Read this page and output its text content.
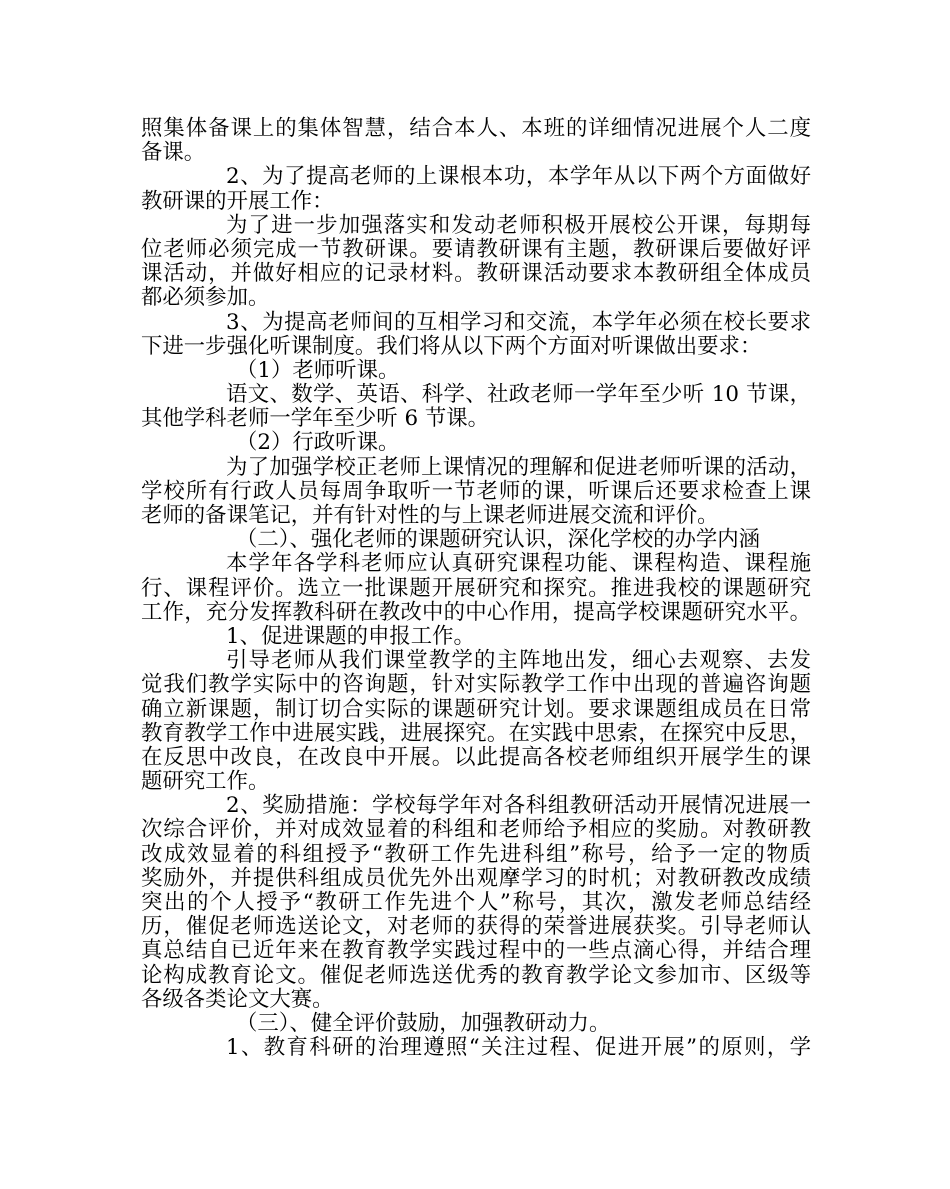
照集体备课上的集体智慧，结合本人、本班的详细情况进展个人二度
备课。
2、为了提高老师的上课根本功，本学年从以下两个方面做好
教研课的开展工作：
为了进一步加强落实和发动老师积极开展校公开课，每期每
位老师必须完成一节教研课。要请教研课有主题，教研课后要做好评
课活动，并做好相应的记录材料。教研课活动要求本教研组全体成员
都必须参加。
3、为提高老师间的互相学习和交流，本学年必须在校长要求
下进一步强化听课制度。我们将从以下两个方面对听课做出要求：
（1）老师听课。
语文、数学、英语、科学、社政老师一学年至少听 10 节课，
其他学科老师一学年至少听 6 节课。
（2）行政听课。
为了加强学校正老师上课情况的理解和促进老师听课的活动，
学校所有行政人员每周争取听一节老师的课，听课后还要求检查上课
老师的备课笔记，并有针对性的与上课老师进展交流和评价。
（二）、强化老师的课题研究认识，深化学校的办学内涵
本学年各学科老师应认真研究课程功能、课程构造、课程施
行、课程评价。选立一批课题开展研究和探究。推进我校的课题研究
工作，充分发挥教科研在教改中的中心作用，提高学校课题研究水平。
1、促进课题的申报工作。
引导老师从我们课堂教学的主阵地出发，细心去观察、去发
觉我们教学实际中的咨询题，针对实际教学工作中出现的普遍咨询题
确立新课题，制订切合实际的课题研究计划。要求课题组成员在日常
教育教学工作中进展实践，进展探究。在实践中思索，在探究中反思，
在反思中改良，在改良中开展。以此提高各校老师组织开展学生的课
题研究工作。
2、奖励措施：学校每学年对各科组教研活动开展情况进展一
次综合评价，并对成效显着的科组和老师给予相应的奖励。对教研教
改成效显着的科组授予“教研工作先进科组”称号，给予一定的物质
奖励外，并提供科组成员优先外出观摩学习的时机；对教研教改成绩
突出的个人授予“教研工作先进个人”称号，其次，激发老师总结经
历，催促老师选送论文，对老师的获得的荣誉进展获奖。引导老师认
真总结自已近年来在教育教学实践过程中的一些点滴心得，并结合理
论构成教育论文。催促老师选送优秀的教育教学论文参加市、区级等
各级各类论文大赛。
（三）、健全评价鼓励，加强教研动力。
1、教育科研的治理遵照“关注过程、促进开展”的原则，学
